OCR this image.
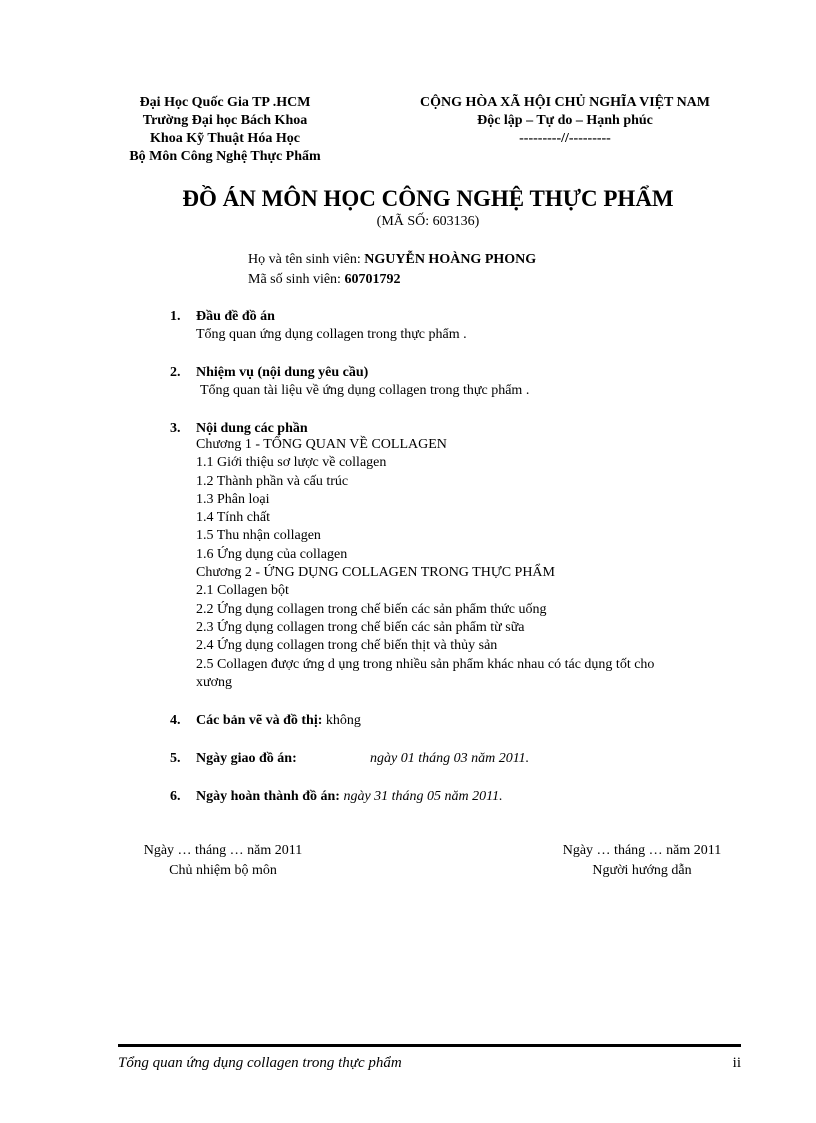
Đại Học Quốc Gia TP .HCM
Trường Đại học Bách Khoa
Khoa Kỹ Thuật Hóa Học
Bộ Môn Công Nghệ Thực Phẩm
CỘNG HÒA XÃ HỘI CHỦ NGHĨA VIỆT NAM
Độc lập – Tự do – Hạnh phúc
---------//---------
ĐỒ ÁN MÔN HỌC CÔNG NGHỆ THỰC PHẨM
(MÃ SỐ: 603136)
Họ và tên sinh viên: NGUYỄN HOÀNG PHONG
Mã số sinh viên: 60701792
1. Đầu đề đồ án
Tổng quan ứng dụng collagen trong thực phẩm .
2. Nhiệm vụ (nội dung yêu cầu)
Tổng quan tài liệu về ứng dụng collagen trong thực phẩm .
3. Nội dung các phần
Chương 1 - TỔNG QUAN VỀ COLLAGEN
1.1 Giới thiệu sơ lược về collagen
1.2 Thành phần và cấu trúc
1.3 Phân loại
1.4 Tính chất
1.5 Thu nhận collagen
1.6 Ứng dụng của collagen
Chương 2 - ỨNG DỤNG COLLAGEN TRONG THỰC PHẨM
2.1 Collagen bột
2.2 Ứng dụng collagen trong chế biến các sản phẩm thức uống
2.3 Ứng dụng collagen trong chế biến các sản phẩm từ sữa
2.4 Ứng dụng collagen trong chế biến thịt và thủy sản
2.5 Collagen được ứng d ụng trong nhiều sản phẩm khác nhau có tác dụng tốt cho
xương
4. Các bản vẽ và đồ thị: không
5. Ngày giao đồ án:	ngày 01 tháng 03 năm 2011.
6. Ngày hoàn thành đồ án: ngày 31 tháng 05 năm 2011.
Ngày … tháng … năm 2011
Chủ nhiệm bộ môn
Ngày … tháng … năm 2011
Người hướng dẫn
Tổng quan ứng dụng collagen trong thực phẩm	ii
